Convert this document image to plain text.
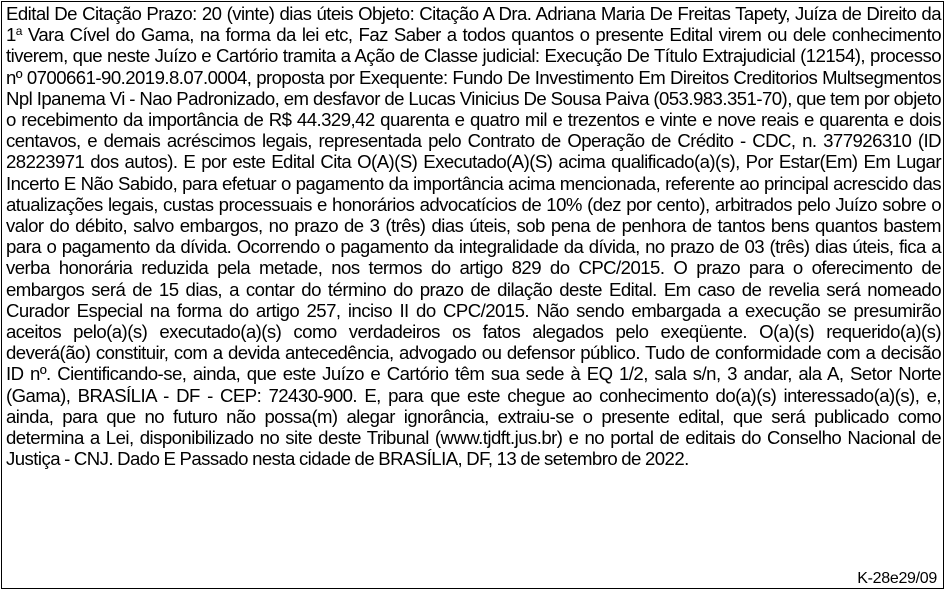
Edital De Citação Prazo: 20 (vinte) dias úteis Objeto: Citação A Dra. Adriana Maria De Freitas Tapety, Juíza de Direito da 1$^a$ Vara Cível do Gama, na forma da lei etc, Faz Saber a todos quantos o presente Edital virem ou dele conhecimento tiverem, que neste Juízo e Cartório tramita a Ação de Classe judicial: Execução De Título Extrajudicial (12154), processo nº 0700661-90.2019.8.07.0004, proposta por Exequente: Fundo De Investimento Em Direitos Creditorios Multsegmentos Npl Ipanema Vi - Nao Padronizado, em desfavor de Lucas Vinicius De Sousa Paiva (053.983.351-70), que tem por objeto o recebimento da importância de R$ 44.329,42 quarenta e quatro mil e trezentos e vinte e nove reais e quarenta e dois centavos, e demais acréscimos legais, representada pelo Contrato de Operação de Crédito - CDC, n. 377926310 (ID 28223971 dos autos). E por este Edital Cita O(A)(S) Executado(A)(S) acima qualificado(a)(s), Por Estar(Em) Em Lugar Incerto E Não Sabido, para efetuar o pagamento da importância acima mencionada, referente ao principal acrescido das atualizações legais, custas processuais e honorários advocatícios de 10% (dez por cento), arbitrados pelo Juízo sobre o valor do débito, salvo embargos, no prazo de 3 (três) dias úteis, sob pena de penhora de tantos bens quantos bastem para o pagamento da dívida. Ocorrendo o pagamento da integralidade da dívida, no prazo de 03 (três) dias úteis, fica a verba honorária reduzida pela metade, nos termos do artigo 829 do CPC/2015. O prazo para o oferecimento de embargos será de 15 dias, a contar do término do prazo de dilação deste Edital. Em caso de revelia será nomeado Curador Especial na forma do artigo 257, inciso II do CPC/2015. Não sendo embargada a execução se presumirão aceitos pelo(a)(s) executado(a)(s) como verdadeiros os fatos alegados pelo exeqüente. O(a)(s) requerido(a)(s) deverá(ão) constituir, com a devida antecedência, advogado ou defensor público. Tudo de conformidade com a decisão ID nº. Cientificando-se, ainda, que este Juízo e Cartório têm sua sede à EQ 1/2, sala s/n, 3 andar, ala A, Setor Norte (Gama), BRASÍLIA - DF - CEP: 72430-900. E, para que este chegue ao conhecimento do(a)(s) interessado(a)(s), e, ainda, para que no futuro não possa(m) alegar ignorância, extraiu-se o presente edital, que será publicado como determina a Lei, disponibilizado no site deste Tribunal (www.tjdft.jus.br) e no portal de editais do Conselho Nacional de Justiça - CNJ. Dado E Passado nesta cidade de BRASÍLIA, DF, 13 de setembro de 2022.

K-28e29/09
